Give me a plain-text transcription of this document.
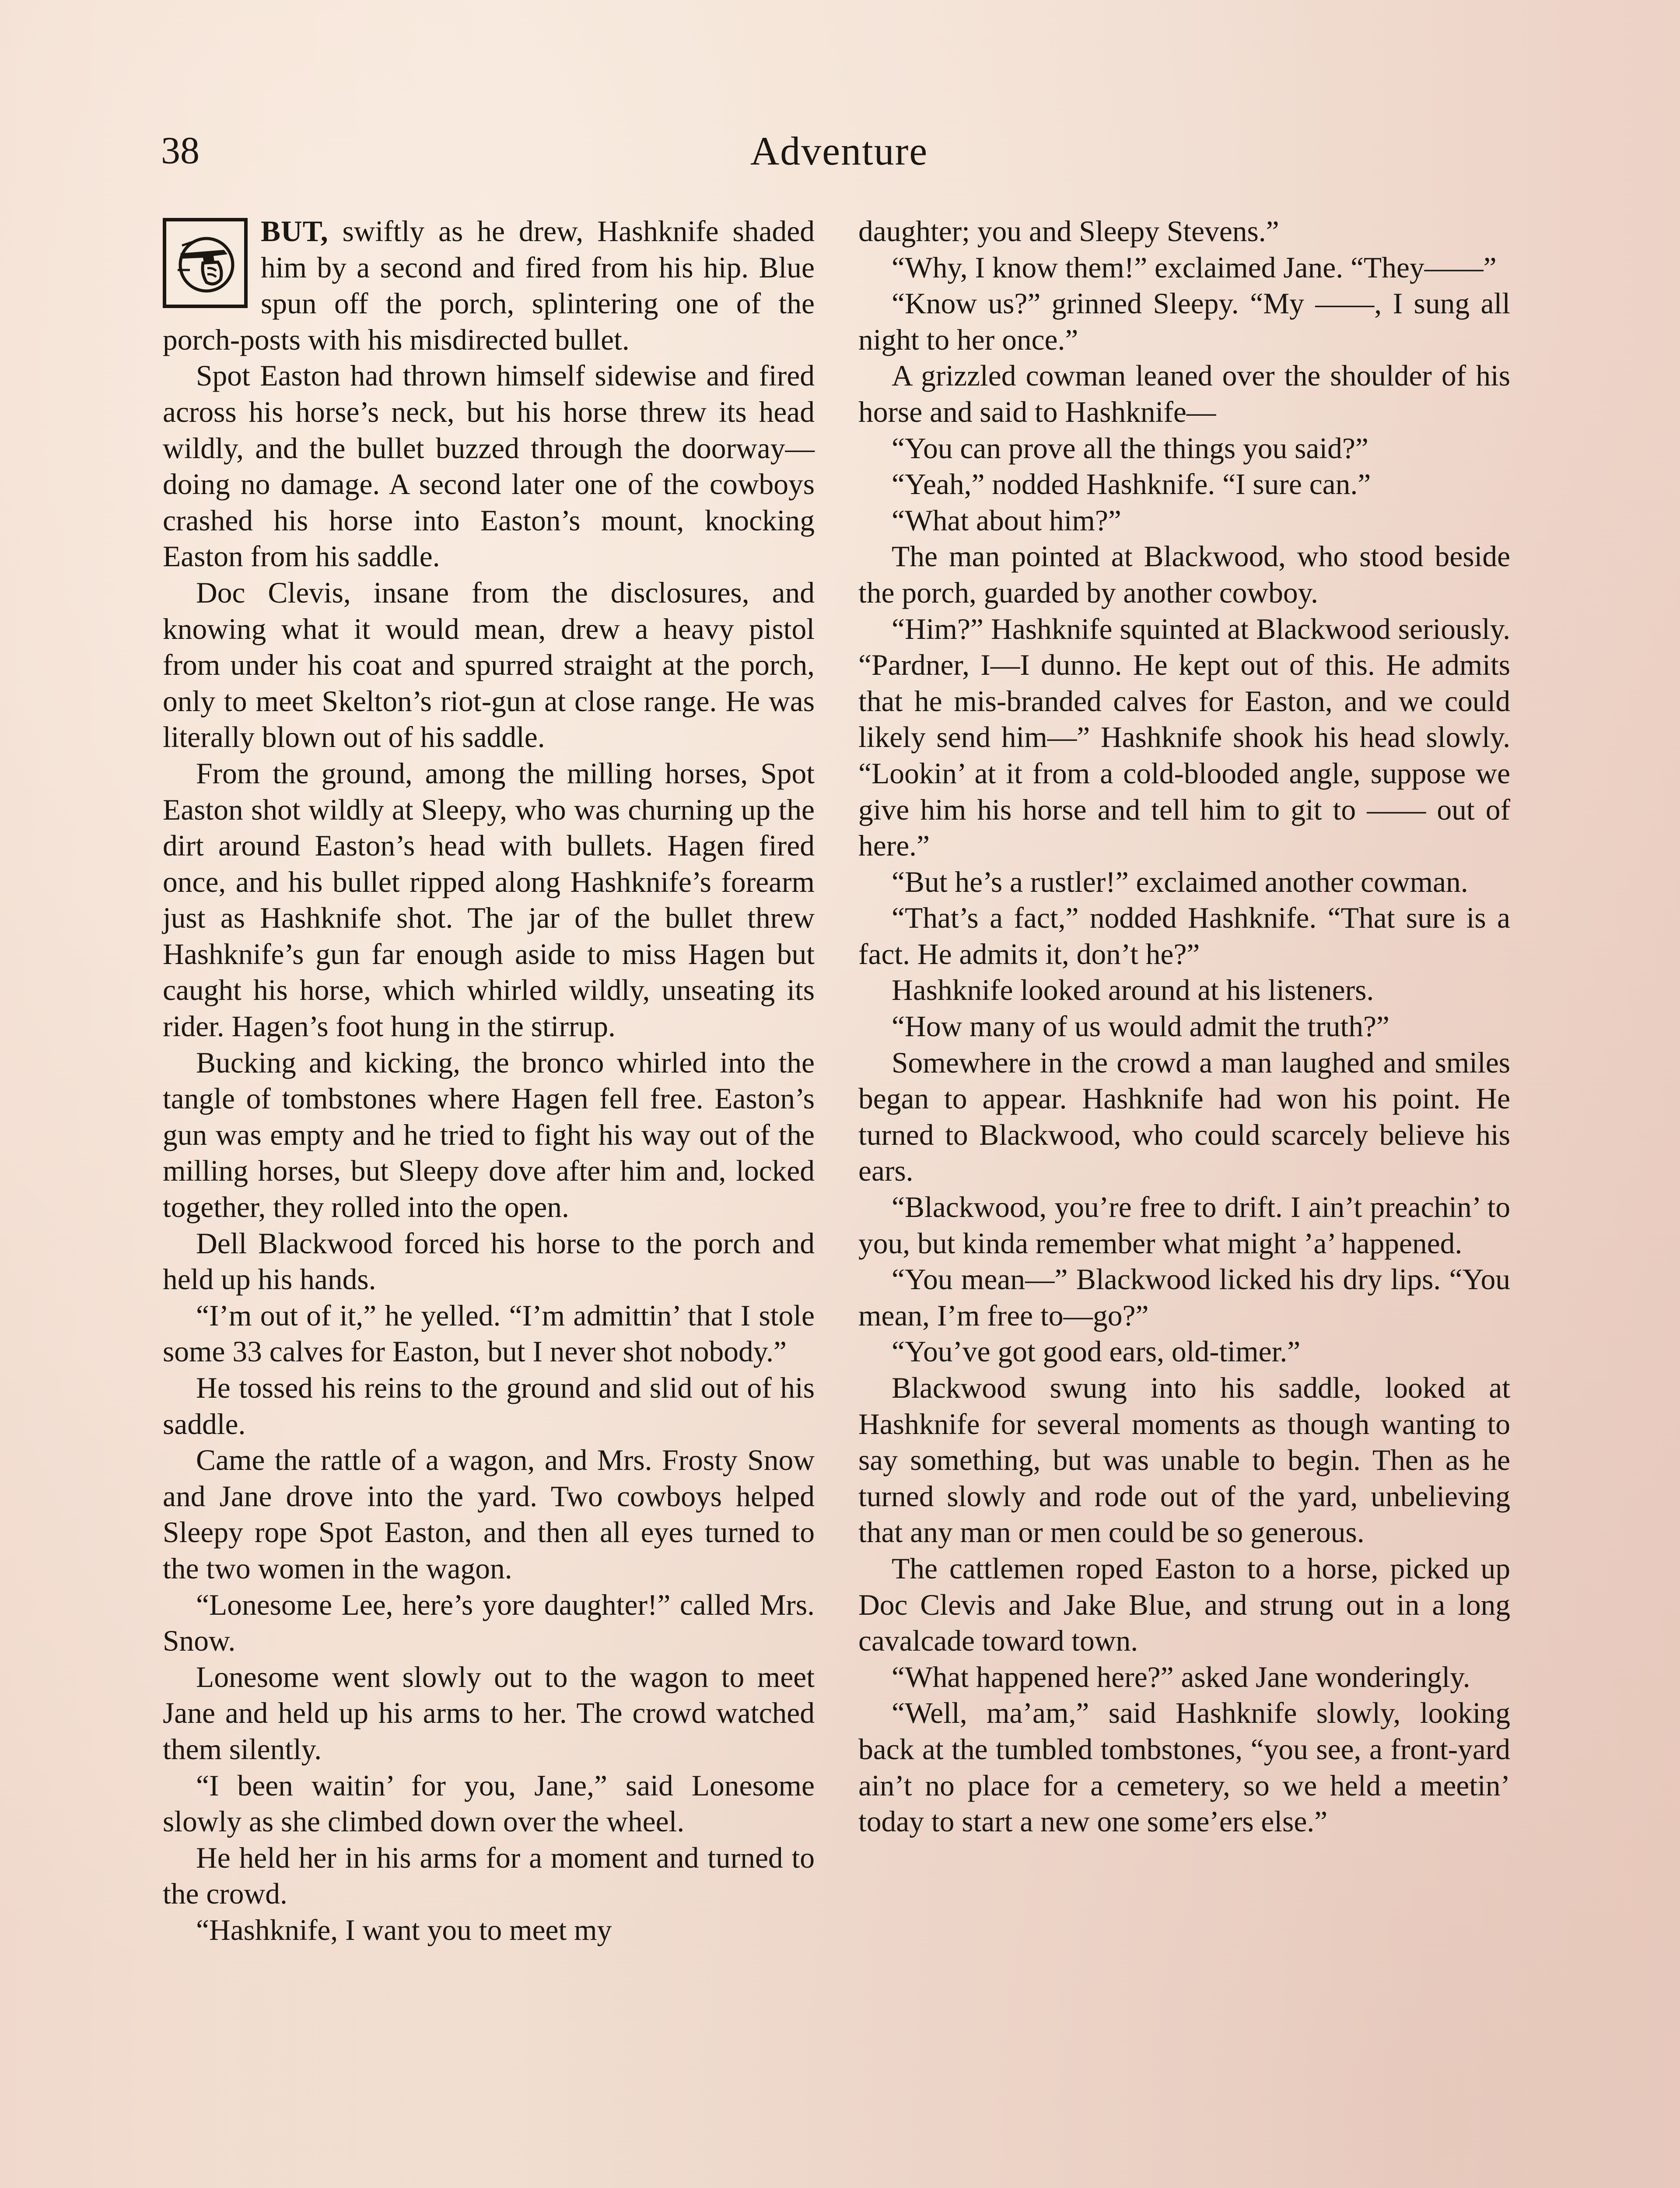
38	Adventure

BUT, swiftly as he drew, Hashknife shaded him by a second and fired from his hip. Blue spun off the porch, splintering one of the porch-posts with his misdirected bullet.

Spot Easton had thrown himself sidewise and fired across his horse’s neck, but his horse threw its head wildly, and the bullet buzzed through the doorway—doing no damage. A second later one of the cowboys crashed his horse into Easton’s mount, knocking Easton from his saddle.

Doc Clevis, insane from the disclosures, and knowing what it would mean, drew a heavy pistol from under his coat and spurred straight at the porch, only to meet Skelton’s riot-gun at close range. He was literally blown out of his saddle.

From the ground, among the milling horses, Spot Easton shot wildly at Sleepy, who was churning up the dirt around Easton’s head with bullets. Hagen fired once, and his bullet ripped along Hashknife’s forearm just as Hashknife shot. The jar of the bullet threw Hashknife’s gun far enough aside to miss Hagen but caught his horse, which whirled wildly, unseating its rider. Hagen’s foot hung in the stirrup.

Bucking and kicking, the bronco whirled into the tangle of tombstones where Hagen fell free. Easton’s gun was empty and he tried to fight his way out of the milling horses, but Sleepy dove after him and, locked together, they rolled into the open.

Dell Blackwood forced his horse to the porch and held up his hands.

“I’m out of it,” he yelled. “I’m admittin’ that I stole some 33 calves for Easton, but I never shot nobody.”

He tossed his reins to the ground and slid out of his saddle.

Came the rattle of a wagon, and Mrs. Frosty Snow and Jane drove into the yard. Two cowboys helped Sleepy rope Spot Easton, and then all eyes turned to the two women in the wagon.

“Lonesome Lee, here’s yore daughter!” called Mrs. Snow.

Lonesome went slowly out to the wagon to meet Jane and held up his arms to her. The crowd watched them silently.

“I been waitin’ for you, Jane,” said Lonesome slowly as she climbed down over the wheel.

He held her in his arms for a moment and turned to the crowd.

“Hashknife, I want you to meet my

daughter; you and Sleepy Stevens.”

“Why, I know them!” exclaimed Jane. “They——”

“Know us?” grinned Sleepy. “My ——, I sung all night to her once.”

A grizzled cowman leaned over the shoulder of his horse and said to Hashknife—

“You can prove all the things you said?”

“Yeah,” nodded Hashknife. “I sure can.”

“What about him?”

The man pointed at Blackwood, who stood beside the porch, guarded by another cowboy.

“Him?” Hashknife squinted at Blackwood seriously. “Pardner, I—I dunno. He kept out of this. He admits that he mis-branded calves for Easton, and we could likely send him—” Hashknife shook his head slowly. “Lookin’ at it from a cold-blooded angle, suppose we give him his horse and tell him to git to —— out of here.”

“But he’s a rustler!” exclaimed another cowman.

“That’s a fact,” nodded Hashknife. “That sure is a fact. He admits it, don’t he?”

Hashknife looked around at his listeners.

“How many of us would admit the truth?”

Somewhere in the crowd a man laughed and smiles began to appear. Hashknife had won his point. He turned to Blackwood, who could scarcely believe his ears.

“Blackwood, you’re free to drift. I ain’t preachin’ to you, but kinda remember what might ’a’ happened.

“You mean—” Blackwood licked his dry lips. “You mean, I’m free to—go?”

“You’ve got good ears, old-timer.”

Blackwood swung into his saddle, looked at Hashknife for several moments as though wanting to say something, but was unable to begin. Then as he turned slowly and rode out of the yard, unbelieving that any man or men could be so generous.

The cattlemen roped Easton to a horse, picked up Doc Clevis and Jake Blue, and strung out in a long cavalcade toward town.

“What happened here?” asked Jane wonderingly.

“Well, ma’am,” said Hashknife slowly, looking back at the tumbled tombstones, “you see, a front-yard ain’t no place for a cemetery, so we held a meetin’ today to start a new one some’ers else.”
